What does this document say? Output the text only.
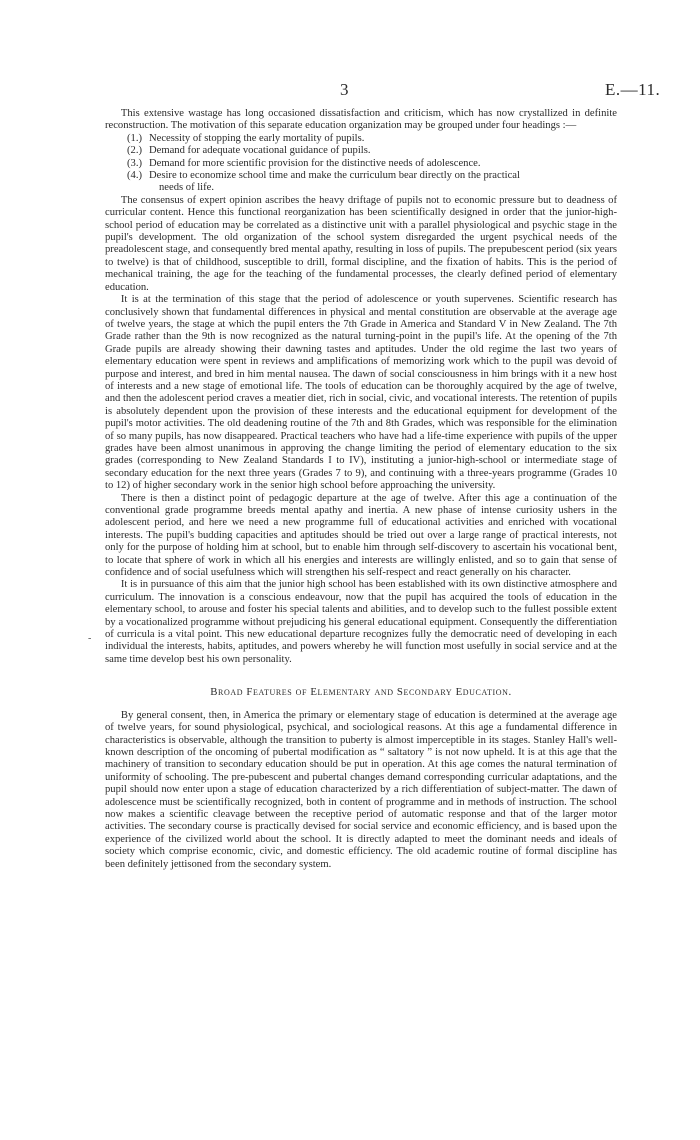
3	E.—11.
-

This extensive wastage has long occasioned dissatisfaction and criticism, which has now crystallized in definite reconstruction. The motivation of this separate education organization may be grouped under four headings :—

(1.) Necessity of stopping the early mortality of pupils.
(2.) Demand for adequate vocational guidance of pupils.
(3.) Demand for more scientific provision for the distinctive needs of adolescence.
(4.) Desire to economize school time and make the curriculum bear directly on the practical
needs of life.

The consensus of expert opinion ascribes the heavy driftage of pupils not to economic pressure but to deadness of curricular content. Hence this functional reorganization has been scientifically designed in order that the junior-high-school period of education may be correlated as a distinctive unit with a parallel physiological and psychic stage in the pupil's development. The old organization of the school system disregarded the urgent psychical needs of the preadolescent stage, and consequently bred mental apathy, resulting in loss of pupils. The prepubescent period (six years to twelve) is that of childhood, susceptible to drill, formal discipline, and the fixation of habits. This is the period of mechanical training, the age for the teaching of the fundamental processes, the clearly defined period of elementary education.

It is at the termination of this stage that the period of adolescence or youth supervenes. Scientific research has conclusively shown that fundamental differences in physical and mental constitution are observable at the average age of twelve years, the stage at which the pupil enters the 7th Grade in America and Standard V in New Zealand. The 7th Grade rather than the 9th is now recognized as the natural turning-point in the pupil's life. At the opening of the 7th Grade pupils are already showing their dawning tastes and aptitudes. Under the old regime the last two years of elementary education were spent in reviews and amplifications of memorizing work which to the pupil was devoid of purpose and interest, and bred in him mental nausea. The dawn of social consciousness in him brings with it a new host of interests and a new stage of emotional life. The tools of education can be thoroughly acquired by the age of twelve, and then the adolescent period craves a meatier diet, rich in social, civic, and vocational interests. The retention of pupils is absolutely dependent upon the provision of these interests and the educational equipment for development of the pupil's motor activities. The old deadening routine of the 7th and 8th Grades, which was responsible for the elimination of so many pupils, has now disappeared. Practical teachers who have had a life-time experience with pupils of the upper grades have been almost unanimous in approving the change limiting the period of elementary education to the six grades (corresponding to New Zealand Standards I to IV), instituting a junior-high-school or intermediate stage of secondary education for the next three years (Grades 7 to 9), and continuing with a three-years programme (Grades 10 to 12) of higher secondary work in the senior high school before approaching the university.

There is then a distinct point of pedagogic departure at the age of twelve. After this age a continuation of the conventional grade programme breeds mental apathy and inertia. A new phase of intense curiosity ushers in the adolescent period, and here we need a new programme full of educational activities and enriched with vocational interests. The pupil's budding capacities and aptitudes should be tried out over a large range of practical interests, not only for the purpose of holding him at school, but to enable him through self-discovery to ascertain his vocational bent, to locate that sphere of work in which all his energies and interests are willingly enlisted, and so to gain that sense of confidence and of social usefulness which will strengthen his self-respect and react generally on his character.

It is in pursuance of this aim that the junior high school has been established with its own distinctive atmosphere and curriculum. The innovation is a conscious endeavour, now that the pupil has acquired the tools of education in the elementary school, to arouse and foster his special talents and abilities, and to develop such to the fullest possible extent by a vocationalized programme without prejudicing his general educational equipment. Consequently the differentiation of curricula is a vital point. This new educational departure recognizes fully the democratic need of developing in each individual the interests, habits, aptitudes, and powers whereby he will function most usefully in social service and at the same time develop best his own personality.

Broad Features of Elementary and Secondary Education.

By general consent, then, in America the primary or elementary stage of education is determined at the average age of twelve years, for sound physiological, psychical, and sociological reasons. At this age a fundamental difference in characteristics is observable, although the transition to puberty is almost imperceptible in its stages. Stanley Hall's well-known description of the oncoming of pubertal modification as “ saltatory ” is not now upheld. It is at this age that the machinery of transition to secondary education should be put in operation. At this age comes the natural termination of uniformity of schooling. The pre-pubescent and pubertal changes demand corresponding curricular adaptations, and the pupil should now enter upon a stage of education characterized by a rich differentiation of subject-matter. The dawn of adolescence must be scientifically recognized, both in content of programme and in methods of instruction. The school now makes a scientific cleavage between the receptive period of automatic response and that of the larger motor activities. The secondary course is practically devised for social service and economic efficiency, and is based upon the experience of the civilized world about the school. It is directly adapted to meet the dominant needs and ideals of society which comprise economic, civic, and domestic efficiency. The old academic routine of formal discipline has been definitely jettisoned from the secondary system.
